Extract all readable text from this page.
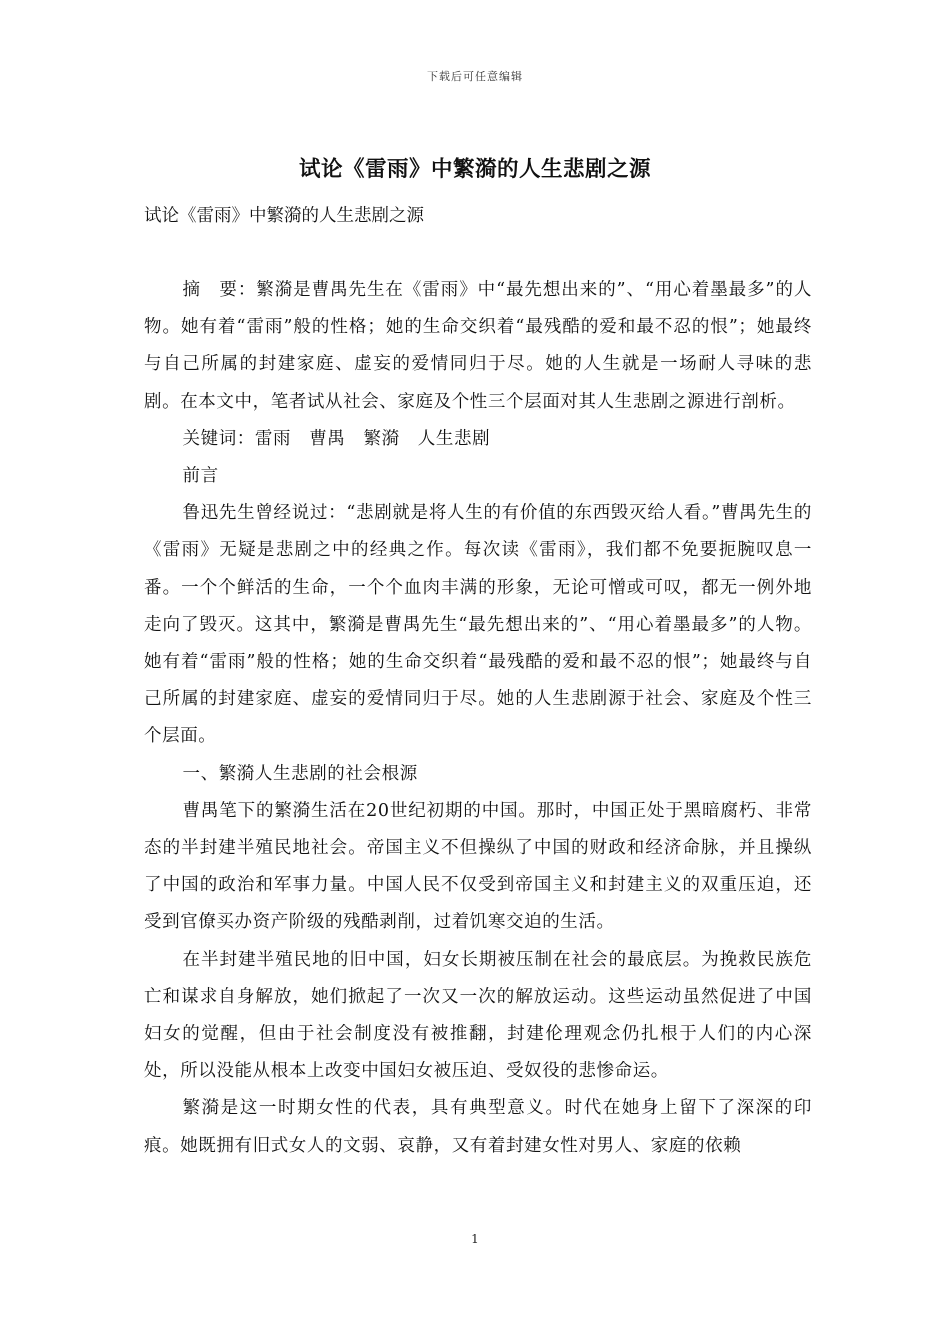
下载后可任意编辑
试论《雷雨》中繁漪的人生悲剧之源

试论《雷雨》中繁漪的人生悲剧之源

摘　要：繁漪是曹禺先生在《雷雨》中“最先想出来的”、“用心着墨最多”的人物。她有着“雷雨”般的性格；她的生命交织着“最残酷的爱和最不忍的恨”；她最终与自己所属的封建家庭、虚妄的爱情同归于尽。她的人生就是一场耐人寻味的悲剧。在本文中，笔者试从社会、家庭及个性三个层面对其人生悲剧之源进行剖析。

关键词：雷雨　曹禺　繁漪　人生悲剧

前言

鲁迅先生曾经说过：“悲剧就是将人生的有价值的东西毁灭给人看。”曹禺先生的《雷雨》无疑是悲剧之中的经典之作。每次读《雷雨》，我们都不免要扼腕叹息一番。一个个鲜活的生命，一个个血肉丰满的形象，无论可憎或可叹，都无一例外地走向了毁灭。这其中，繁漪是曹禺先生“最先想出来的”、“用心着墨最多”的人物。她有着“雷雨”般的性格；她的生命交织着“最残酷的爱和最不忍的恨”；她最终与自己所属的封建家庭、虚妄的爱情同归于尽。她的人生悲剧源于社会、家庭及个性三个层面。

一、繁漪人生悲剧的社会根源

曹禺笔下的繁漪生活在20世纪初期的中国。那时，中国正处于黑暗腐朽、非常态的半封建半殖民地社会。帝国主义不但操纵了中国的财政和经济命脉，并且操纵了中国的政治和军事力量。中国人民不仅受到帝国主义和封建主义的双重压迫，还受到官僚买办资产阶级的残酷剥削，过着饥寒交迫的生活。

在半封建半殖民地的旧中国，妇女长期被压制在社会的最底层。为挽救民族危亡和谋求自身解放，她们掀起了一次又一次的解放运动。这些运动虽然促进了中国妇女的觉醒，但由于社会制度没有被推翻，封建伦理观念仍扎根于人们的内心深处，所以没能从根本上改变中国妇女被压迫、受奴役的悲惨命运。

繁漪是这一时期女性的代表，具有典型意义。时代在她身上留下了深深的印痕。她既拥有旧式女人的文弱、哀静，又有着封建女性对男人、家庭的依赖

1
